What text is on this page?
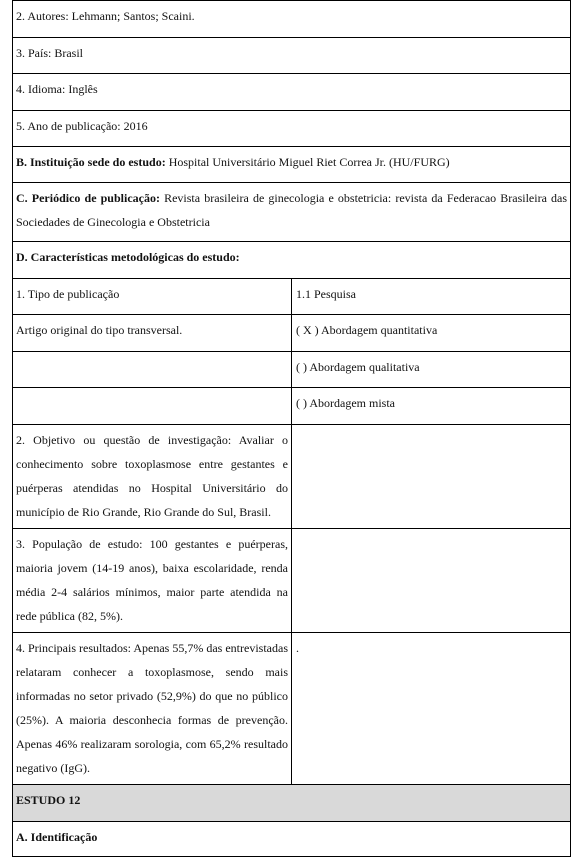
2. Autores: Lehmann; Santos; Scaini.	
3. País: Brasil	
4. Idioma: Inglês	
5. Ano de publicação: 2016	
B. Instituição sede do estudo: Hospital Universitário Miguel Riet Correa Jr. (HU/FURG)	
C. Periódico de publicação: Revista brasileira de ginecologia e obstetricia: revista da Federacao Brasileira das Sociedades de Ginecologia e Obstetricia	
D. Características metodológicas do estudo:	
1. Tipo de publicação	1.1 Pesquisa
Artigo original do tipo transversal.	( X ) Abordagem quantitativa
	( ) Abordagem qualitativa
	( ) Abordagem mista
2. Objetivo ou questão de investigação: Avaliar o conhecimento sobre toxoplasmose entre gestantes e puérperas atendidas no Hospital Universitário do município de Rio Grande, Rio Grande do Sul, Brasil.	
3. População de estudo: 100 gestantes e puérperas, maioria jovem (14-19 anos), baixa escolaridade, renda média 2-4 salários mínimos, maior parte atendida na rede pública (82, 5%).	
4. Principais resultados: Apenas 55,7% das entrevistadas relataram conhecer a toxoplasmose, sendo mais informadas no setor privado (52,9%) do que no público (25%). A maioria desconhecia formas de prevenção. Apenas 46% realizaram sorologia, com 65,2% resultado negativo (IgG).	.
ESTUDO 12	
A. Identificação	
